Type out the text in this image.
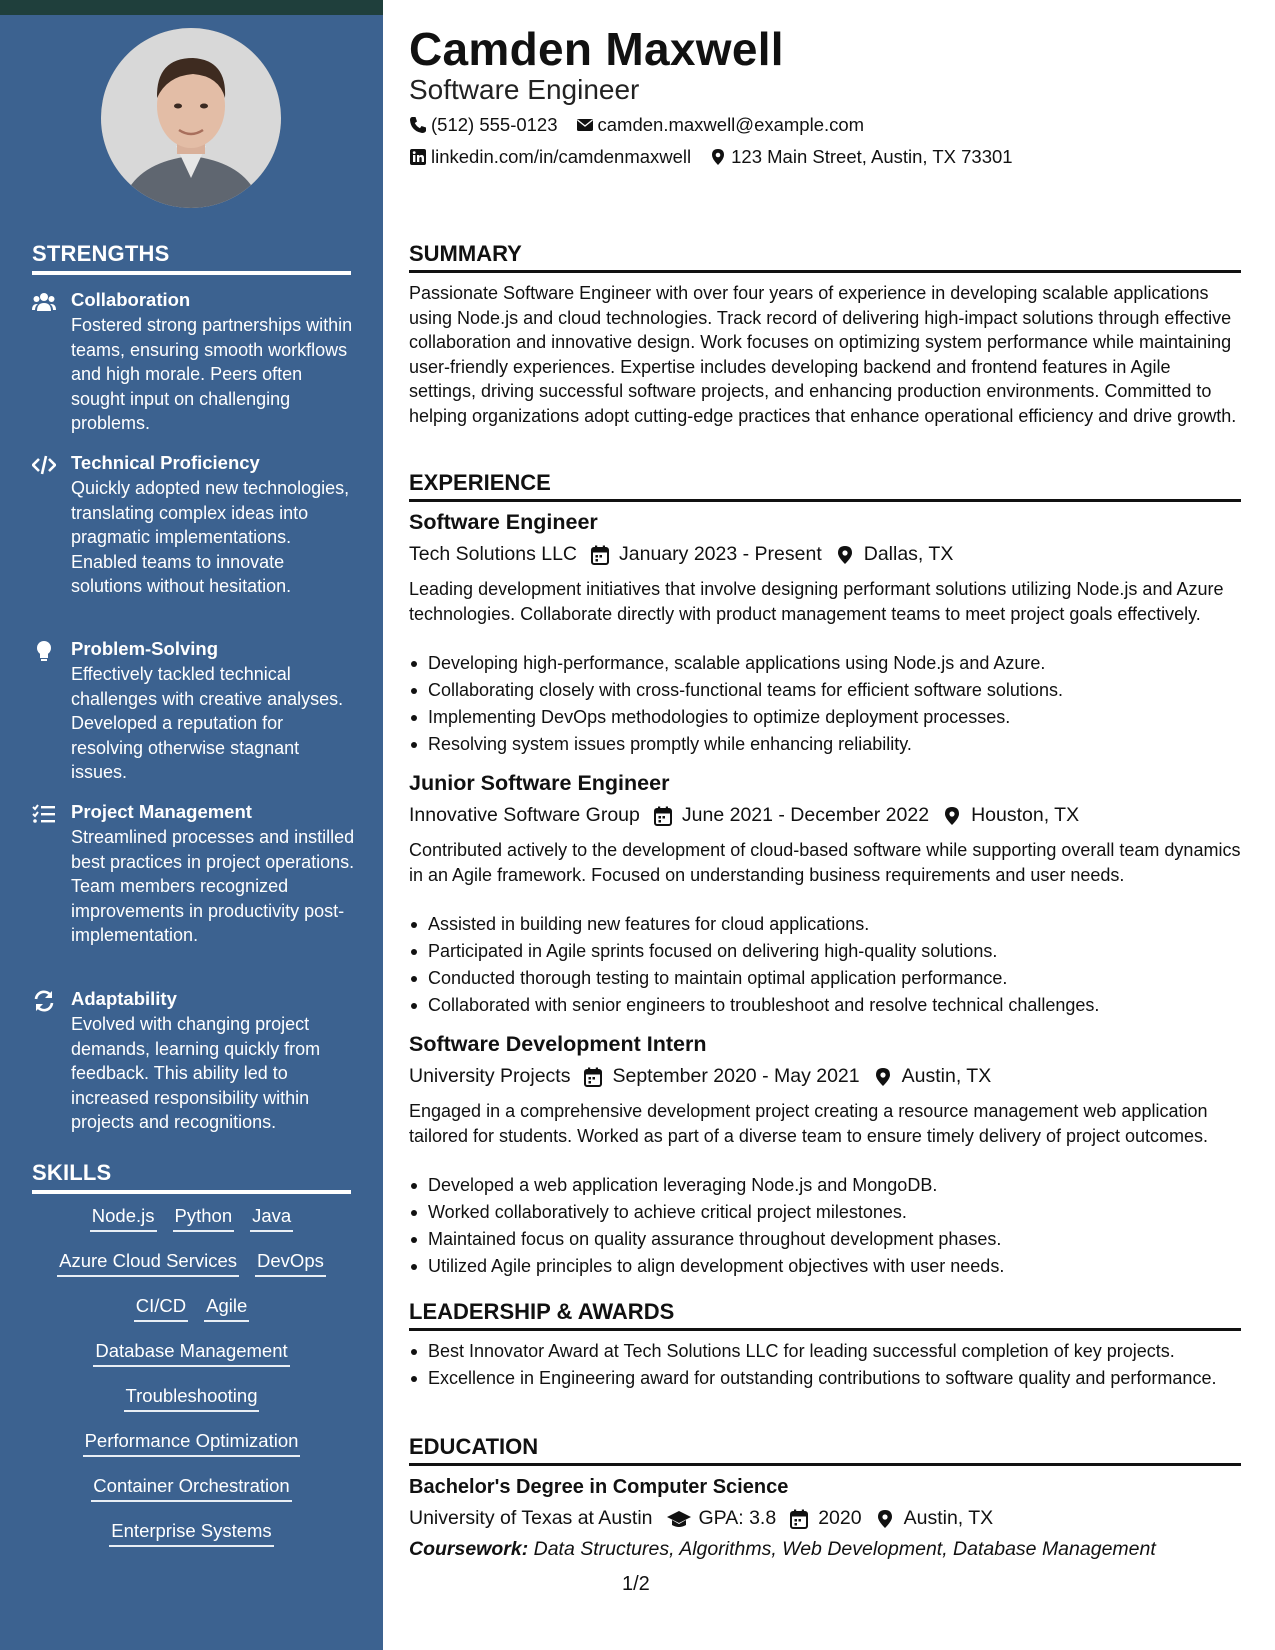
STRENGTHS
Collaboration
Fostered strong partnerships within teams, ensuring smooth workflows and high morale. Peers often sought input on challenging problems.
Technical Proficiency
Quickly adopted new technologies, translating complex ideas into pragmatic implementations. Enabled teams to innovate solutions without hesitation.
Problem-Solving
Effectively tackled technical challenges with creative analyses. Developed a reputation for resolving otherwise stagnant issues.
Project Management
Streamlined processes and instilled best practices in project operations. Team members recognized improvements in productivity post-implementation.
Adaptability
Evolved with changing project demands, learning quickly from feedback. This ability led to increased responsibility within projects and recognitions.
SKILLS
Node.js Python Java
Azure Cloud Services DevOps
CI/CD Agile
Database Management
Troubleshooting
Performance Optimization
Container Orchestration
Enterprise Systems
Camden Maxwell
Software Engineer
(512) 555-0123 camden.maxwell@example.com
linkedin.com/in/camdenmaxwell 123 Main Street, Austin, TX 73301
SUMMARY
Passionate Software Engineer with over four years of experience in developing scalable applications using Node.js and cloud technologies. Track record of delivering high-impact solutions through effective collaboration and innovative design. Work focuses on optimizing system performance while maintaining user-friendly experiences. Expertise includes developing backend and frontend features in Agile settings, driving successful software projects, and enhancing production environments. Committed to helping organizations adopt cutting-edge practices that enhance operational efficiency and drive growth.
EXPERIENCE
Software Engineer
Tech Solutions LLC January 2023 - Present Dallas, TX
Leading development initiatives that involve designing performant solutions utilizing Node.js and Azure technologies. Collaborate directly with product management teams to meet project goals effectively.
Developing high-performance, scalable applications using Node.js and Azure.
Collaborating closely with cross-functional teams for efficient software solutions.
Implementing DevOps methodologies to optimize deployment processes.
Resolving system issues promptly while enhancing reliability.
Junior Software Engineer
Innovative Software Group June 2021 - December 2022 Houston, TX
Contributed actively to the development of cloud-based software while supporting overall team dynamics in an Agile framework. Focused on understanding business requirements and user needs.
Assisted in building new features for cloud applications.
Participated in Agile sprints focused on delivering high-quality solutions.
Conducted thorough testing to maintain optimal application performance.
Collaborated with senior engineers to troubleshoot and resolve technical challenges.
Software Development Intern
University Projects September 2020 - May 2021 Austin, TX
Engaged in a comprehensive development project creating a resource management web application tailored for students. Worked as part of a diverse team to ensure timely delivery of project outcomes.
Developed a web application leveraging Node.js and MongoDB.
Worked collaboratively to achieve critical project milestones.
Maintained focus on quality assurance throughout development phases.
Utilized Agile principles to align development objectives with user needs.
LEADERSHIP & AWARDS
Best Innovator Award at Tech Solutions LLC for leading successful completion of key projects.
Excellence in Engineering award for outstanding contributions to software quality and performance.
EDUCATION
Bachelor's Degree in Computer Science
University of Texas at Austin GPA: 3.8 2020 Austin, TX
Coursework: Data Structures, Algorithms, Web Development, Database Management
1/2
